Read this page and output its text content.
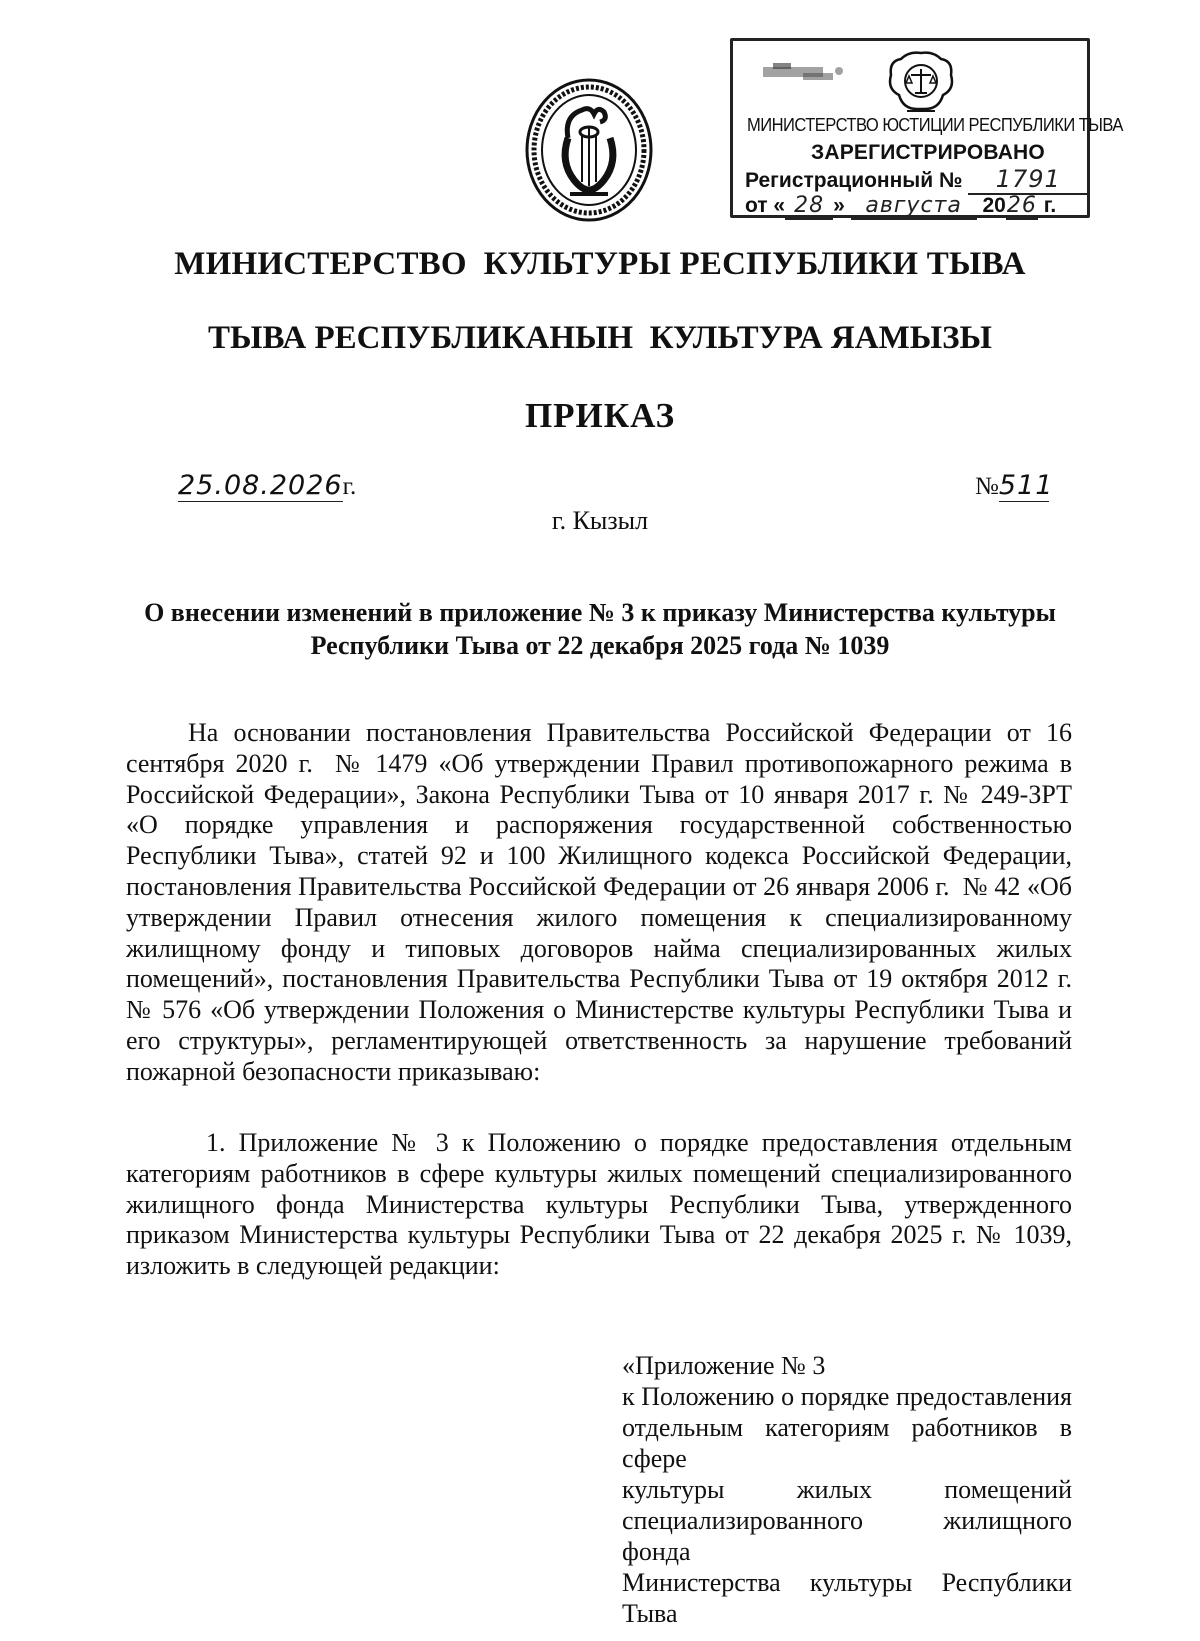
МИНИСТЕРСТВО ЮСТИЦИИ РЕСПУБЛИКИ ТЫВА
ЗАРЕГИСТРИРОВАНО
Регистрационный № 1791
от « 28 » августа 2026 г.
МИНИСТЕРСТВО  КУЛЬТУРЫ РЕСПУБЛИКИ ТЫВА
ТЫВА РЕСПУБЛИКАНЫН  КУЛЬТУРА ЯАМЫЗЫ
ПРИКАЗ
25.08.2026г.	№511
г. Кызыл
О внесении изменений в приложение № 3 к приказу Министерства культуры
Республики Тыва от 22 декабря 2025 года № 1039

На основании постановления Правительства Российской Федерации от 16 сентября 2020 г.  № 1479 «Об утверждении Правил противопожарного режима в Российской Федерации», Закона Республики Тыва от 10 января 2017 г. № 249-ЗРТ «О порядке управления и распоряжения государственной собственностью Республики Тыва», статей 92 и 100 Жилищного кодекса Российской Федерации, постановления Правительства Российской Федерации от 26 января 2006 г.  № 42 «Об утверждении Правил отнесения жилого помещения к специализированному жилищному фонду и типовых договоров найма специализированных жилых помещений», постановления Правительства Республики Тыва от 19 октября 2012 г. № 576 «Об утверждении Положения о Министерстве культуры Республики Тыва и его структуры», регламентирующей ответственность за нарушение требований пожарной безопасности приказываю:

1. Приложение № 3 к Положению о порядке предоставления отдельным категориям работников в сфере культуры жилых помещений специализированного жилищного фонда Министерства культуры Республики Тыва, утвержденного приказом Министерства культуры Республики Тыва от 22 декабря 2025 г. № 1039, изложить в следующей редакции:

«Приложение № 3
к Положению о порядке предоставления
отдельным категориям работников в сфере
культуры жилых помещений
специализированного жилищного фонда
Министерства культуры Республики Тыва
